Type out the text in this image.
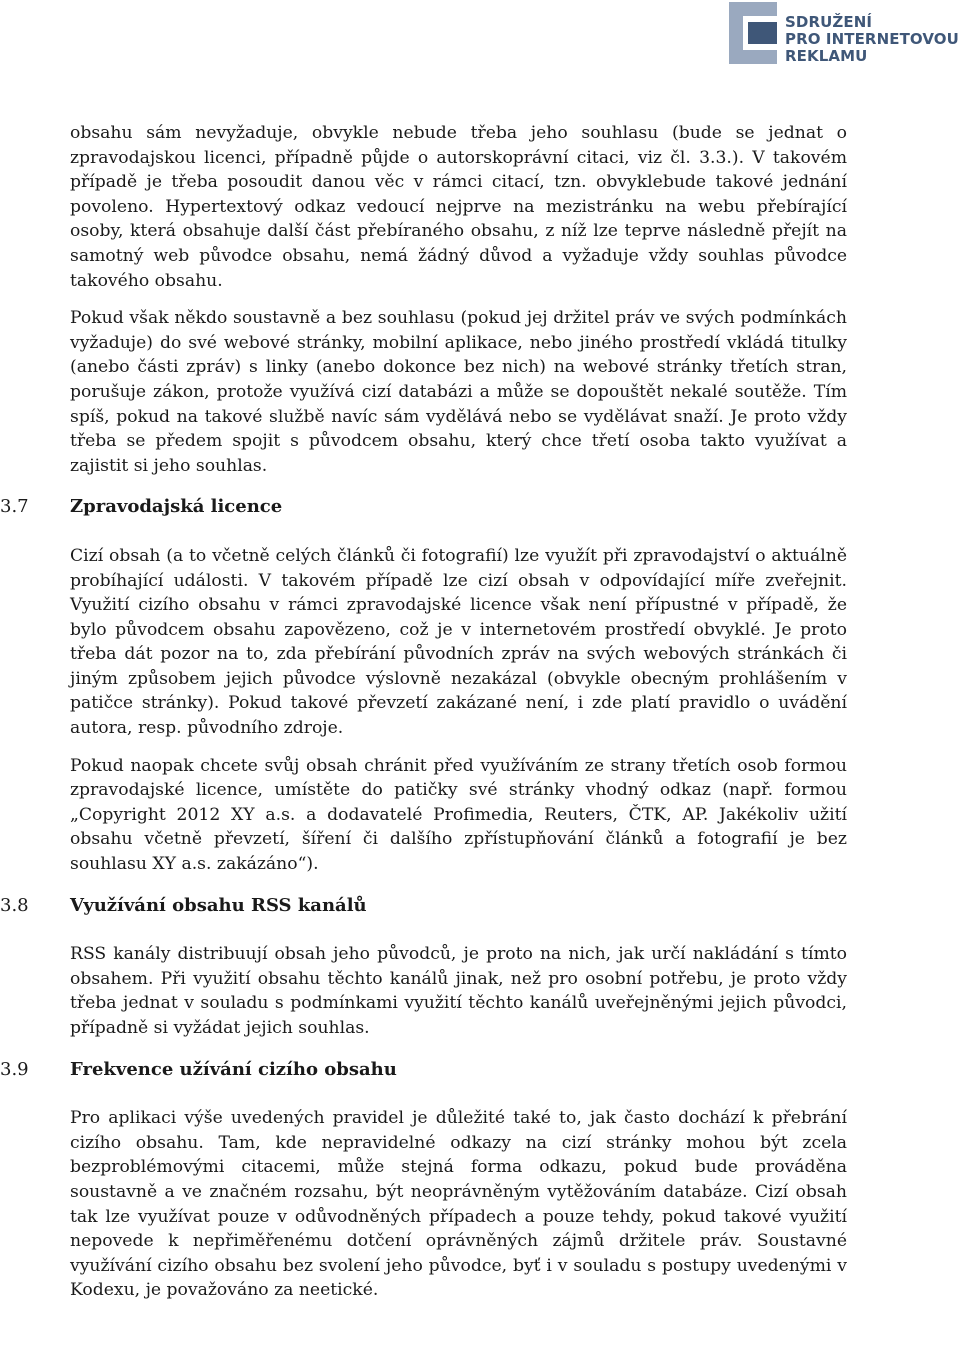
SDRUŽENÍ
PRO INTERNETOVOU
REKLAMU

obsahu sám nevyžaduje, obvykle nebude třeba jeho souhlasu (bude se jednat o zpravodajskou licenci, případně půjde o autorskoprávní citaci, viz čl. 3.3.). V takovém případě je třeba posoudit danou věc v rámci citací, tzn. obvyklebude takové jednání povoleno. Hypertextový odkaz vedoucí nejprve na mezistránku na webu přebírající osoby, která obsahuje další část přebíraného obsahu, z níž lze teprve následně přejít na samotný web původce obsahu, nemá žádný důvod a vyžaduje vždy souhlas původce takového obsahu.

Pokud však někdo soustavně a bez souhlasu (pokud jej držitel práv ve svých podmínkách vyžaduje) do své webové stránky, mobilní aplikace, nebo jiného prostředí vkládá titulky (anebo části zpráv) s linky (anebo dokonce bez nich) na webové stránky třetích stran, porušuje zákon, protože využívá cizí databázi a může se dopouštět nekalé soutěže. Tím spíš, pokud na takové službě navíc sám vydělává nebo se vydělávat snaží. Je proto vždy třeba se předem spojit s původcem obsahu, který chce třetí osoba takto využívat a zajistit si jeho souhlas.

3.7	Zpravodajská licence

Cizí obsah (a to včetně celých článků či fotografií) lze využít při zpravodajství o aktuálně probíhající události. V takovém případě lze cizí obsah v odpovídající míře zveřejnit. Využití cizího obsahu v rámci zpravodajské licence však není přípustné v případě, že bylo původcem obsahu zapovězeno, což je v internetovém prostředí obvyklé. Je proto třeba dát pozor na to, zda přebírání původních zpráv na svých webových stránkách či jiným způsobem jejich původce výslovně nezakázal (obvykle obecným prohlášením v patičce stránky). Pokud takové převzetí zakázané není, i zde platí pravidlo o uvádění autora, resp. původního zdroje.

Pokud naopak chcete svůj obsah chránit před využíváním ze strany třetích osob formou zpravodajské licence, umístěte do patičky své stránky vhodný odkaz (např. formou „Copyright 2012 XY a.s. a dodavatelé Profimedia, Reuters, ČTK, AP. Jakékoliv užití obsahu včetně převzetí, šíření či dalšího zpřístupňování článků a fotografií je bez souhlasu XY a.s. zakázáno“).

3.8	Využívání obsahu RSS kanálů

RSS kanály distribuují obsah jeho původců, je proto na nich, jak určí nakládání s tímto obsahem. Při využití obsahu těchto kanálů jinak, než pro osobní potřebu, je proto vždy třeba jednat v souladu s podmínkami využití těchto kanálů uveřejněnými jejich původci, případně si vyžádat jejich souhlas.

3.9	Frekvence užívání cizího obsahu

Pro aplikaci výše uvedených pravidel je důležité také to, jak často dochází k přebrání cizího obsahu. Tam, kde nepravidelné odkazy na cizí stránky mohou být zcela bezproblémovými citacemi, může stejná forma odkazu, pokud bude prováděna soustavně a ve značném rozsahu, být neoprávněným vytěžováním databáze. Cizí obsah tak lze využívat pouze v odůvodněných případech a pouze tehdy, pokud takové využití nepovede k nepřiměřenému dotčení oprávněných zájmů držitele práv. Soustavné využívání cizího obsahu bez svolení jeho původce, byť i v souladu s postupy uvedenými v Kodexu, je považováno za neetické.
